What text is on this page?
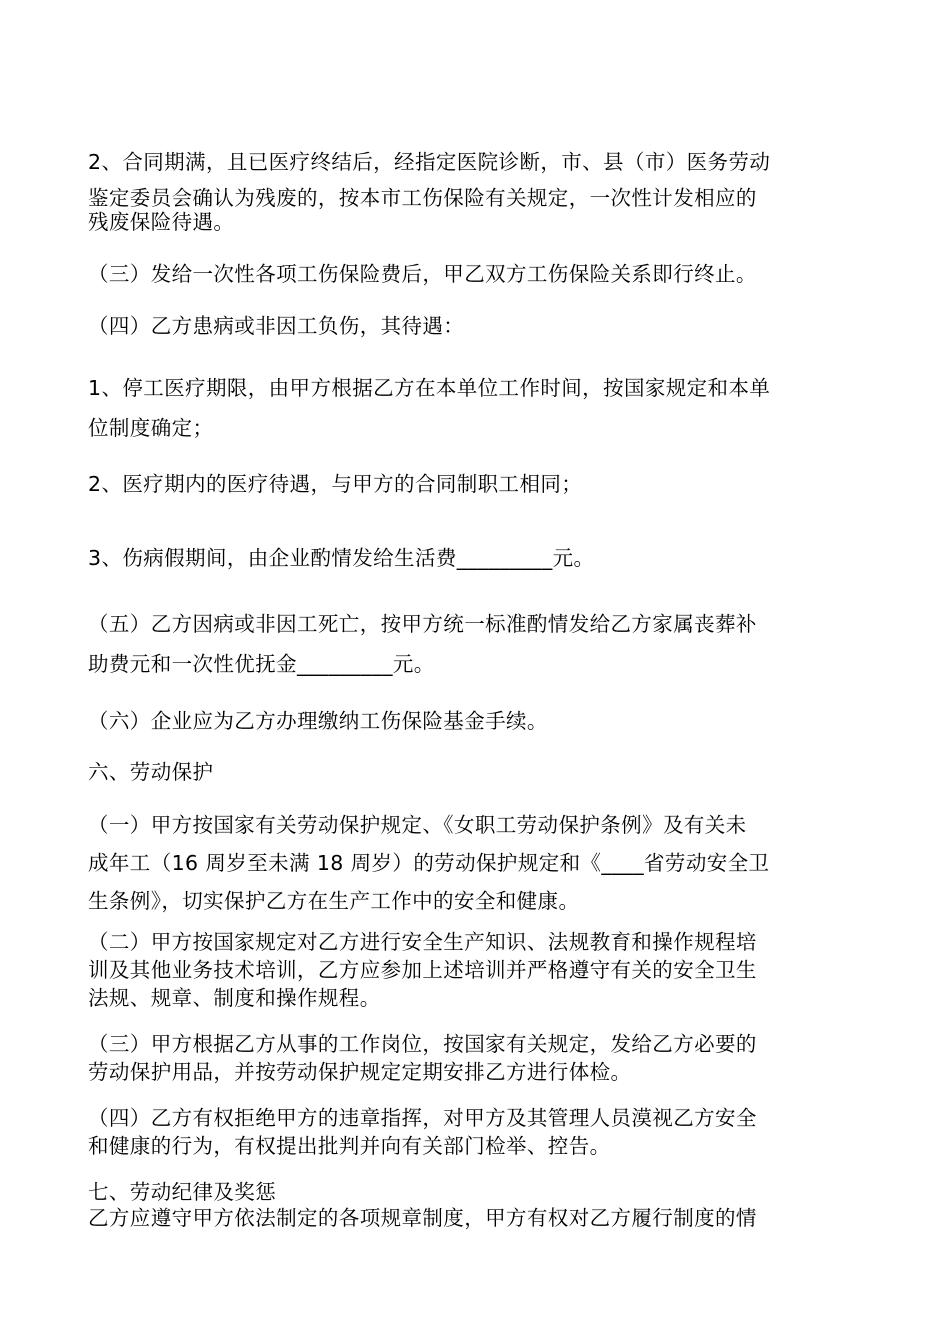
2、合同期满，且已医疗终结后，经指定医院诊断，市、县（市）医务劳动
鉴定委员会确认为残废的，按本市工伤保险有关规定，一次性计发相应的
残废保险待遇。

（三）发给一次性各项工伤保险费后，甲乙双方工伤保险关系即行终止。

（四）乙方患病或非因工负伤，其待遇：

1、停工医疗期限，由甲方根据乙方在本单位工作时间，按国家规定和本单
位制度确定；

2、医疗期内的医疗待遇，与甲方的合同制职工相同；

3、伤病假期间，由企业酌情发给生活费_________元。

（五）乙方因病或非因工死亡，按甲方统一标准酌情发给乙方家属丧葬补
助费元和一次性优抚金_________元。

（六）企业应为乙方办理缴纳工伤保险基金手续。

六、劳动保护

（一）甲方按国家有关劳动保护规定、《女职工劳动保护条例》及有关未
成年工（16 周岁至未满 18 周岁）的劳动保护规定和《____省劳动安全卫
生条例》，切实保护乙方在生产工作中的安全和健康。

（二）甲方按国家规定对乙方进行安全生产知识、法规教育和操作规程培
训及其他业务技术培训，乙方应参加上述培训并严格遵守有关的安全卫生
法规、规章、制度和操作规程。

（三）甲方根据乙方从事的工作岗位，按国家有关规定，发给乙方必要的
劳动保护用品，并按劳动保护规定定期安排乙方进行体检。

（四）乙方有权拒绝甲方的违章指挥，对甲方及其管理人员漠视乙方安全
和健康的行为，有权提出批判并向有关部门检举、控告。

七、劳动纪律及奖惩
乙方应遵守甲方依法制定的各项规章制度，甲方有权对乙方履行制度的情
